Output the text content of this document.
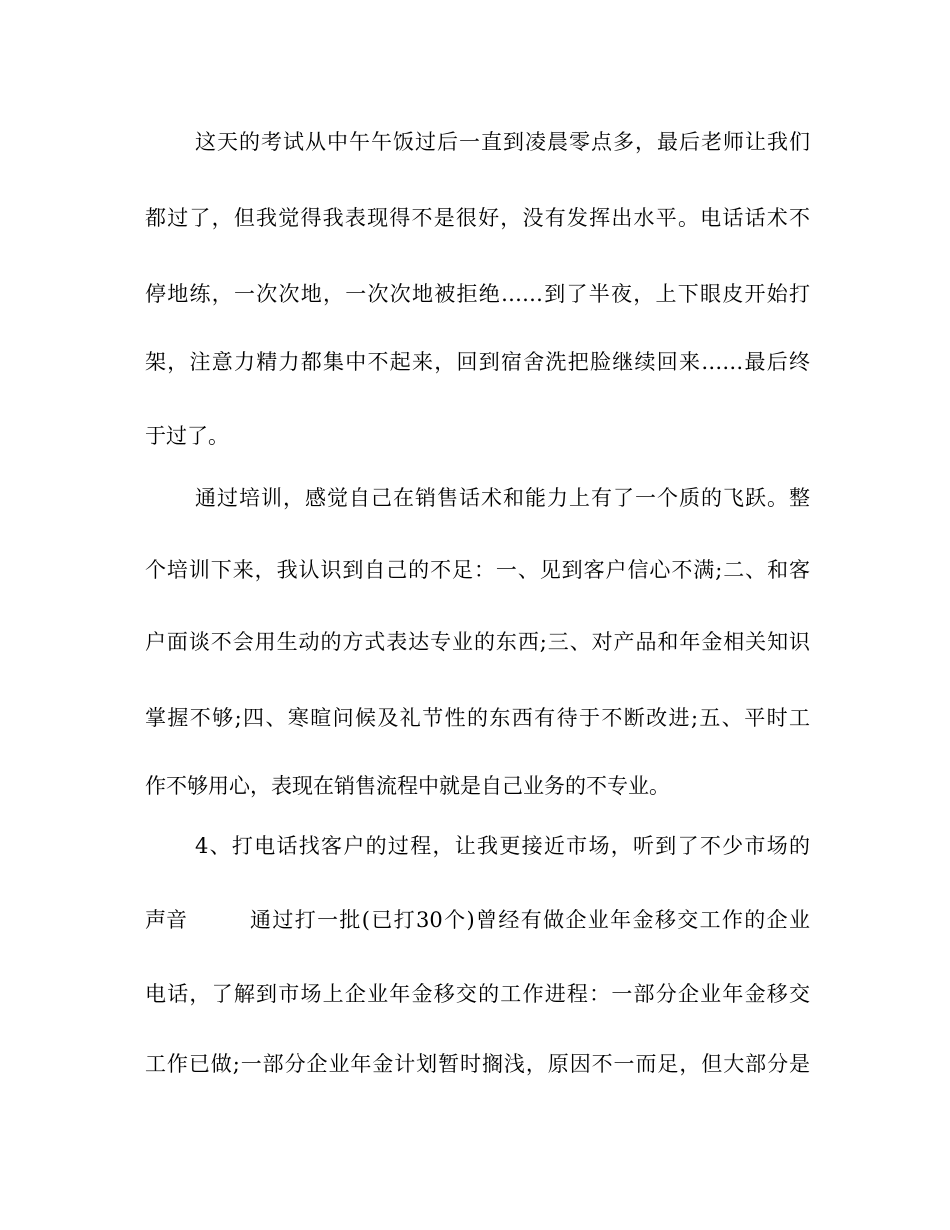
这天的考试从中午午饭过后一直到凌晨零点多，最后老师让我们
都过了，但我觉得我表现得不是很好，没有发挥出水平。电话话术不
停地练，一次次地，一次次地被拒绝……到了半夜，上下眼皮开始打
架，注意力精力都集中不起来，回到宿舍洗把脸继续回来……最后终
于过了。
通过培训，感觉自己在销售话术和能力上有了一个质的飞跃。整
个培训下来，我认识到自己的不足：一、见到客户信心不满;二、和客
户面谈不会用生动的方式表达专业的东西;三、对产品和年金相关知识
掌握不够;四、寒暄问候及礼节性的东西有待于不断改进;五、平时工
作不够用心，表现在销售流程中就是自己业务的不专业。
4、打电话找客户的过程，让我更接近市场，听到了不少市场的
声音	通过打一批(已打30个)曾经有做企业年金移交工作的企业
电话，了解到市场上企业年金移交的工作进程：一部分企业年金移交
工作已做;一部分企业年金计划暂时搁浅，原因不一而足，但大部分是
